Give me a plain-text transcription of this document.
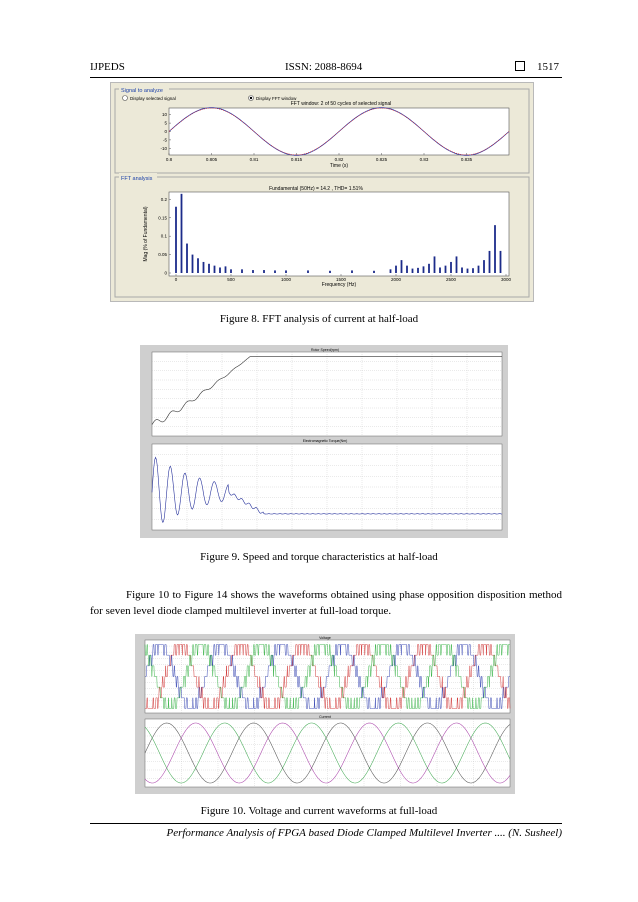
IJPEDS	ISSN: 2088-8694	1517
Signal to analyze
FFT analysis
Display selected signal	Display FFT window
FFT window: 2 of 50 cycles of selected signal
0.8	0.805	0.81	0.815	0.82	0.825	0.83	0.835
10
5
0
-5
-10
Time (s)
Fundamental (50Hz) = 14.2 , THD= 1.51%
0	500	1000	1500	2000	2500	3000
0.2
0.15
0.1
0.05
0
Frequency (Hz)
Mag (% of Fundamental)
Figure 8. FFT analysis of current at half-load
Rotor Speed(rpm)
Electromagnetic Torque(Nm)
Figure 9. Speed and torque characteristics at half-load
Figure 10 to Figure 14 shows the waveforms obtained using phase opposition disposition method for seven level diode clamped multilevel inverter at full-load torque.
Voltage
Current
Figure 10. Voltage and current waveforms at full-load
Performance Analysis of FPGA based Diode Clamped Multilevel Inverter .... (N. Susheel)
